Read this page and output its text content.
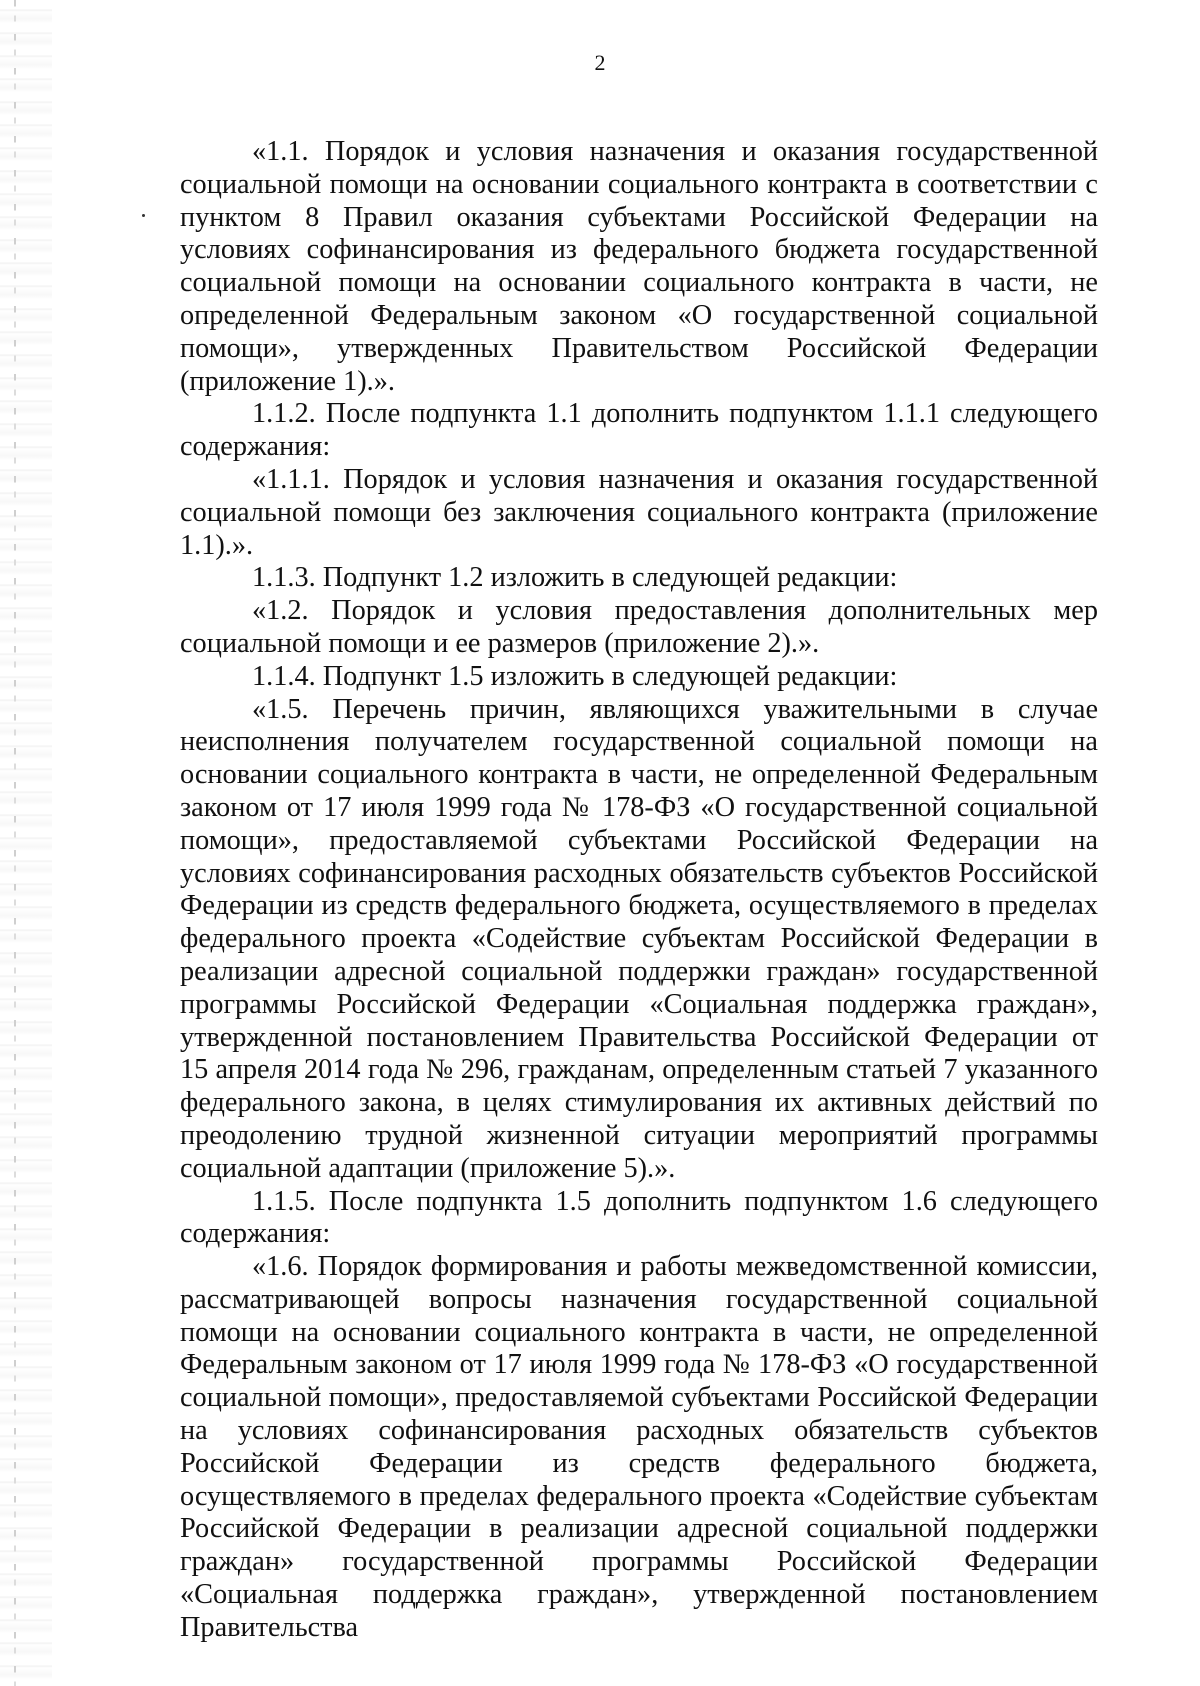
2

«1.1. Порядок и условия назначения и оказания государственной социальной помощи на основании социального контракта в соответствии с пунктом 8 Правил оказания субъектами Российской Федерации на условиях софинансирования из федерального бюджета государственной социальной помощи на основании социального контракта в части, не определенной Федеральным законом «О государственной социальной помощи», утвержденных Правительством Российской Федерации (приложение 1).».

1.1.2. После подпункта 1.1 дополнить подпунктом 1.1.1 следующего содержания:

«1.1.1. Порядок и условия назначения и оказания государственной социальной помощи без заключения социального контракта (приложение 1.1).».

1.1.3. Подпункт 1.2 изложить в следующей редакции:

«1.2. Порядок и условия предоставления дополнительных мер социальной помощи и ее размеров (приложение 2).».

1.1.4. Подпункт 1.5 изложить в следующей редакции:

«1.5. Перечень причин, являющихся уважительными в случае неисполнения получателем государственной социальной помощи на основании социального контракта в части, не определенной Федеральным законом от 17 июля 1999 года № 178-ФЗ «О государственной социальной помощи», предоставляемой субъектами Российской Федерации на условиях софинансирования расходных обязательств субъектов Российской Федерации из средств федерального бюджета, осуществляемого в пределах федерального проекта «Содействие субъектам Российской Федерации в реализации адресной социальной поддержки граждан» государственной программы Российской Федерации «Социальная поддержка граждан», утвержденной постановлением Правительства Российской Федерации от 15 апреля 2014 года № 296, гражданам, определенным статьей 7 указанного федерального закона, в целях стимулирования их активных действий по преодолению трудной жизненной ситуации мероприятий программы социальной адаптации (приложение 5).».

1.1.5. После подпункта 1.5 дополнить подпунктом 1.6 следующего содержания:

«1.6. Порядок формирования и работы межведомственной комиссии, рассматривающей вопросы назначения государственной социальной помощи на основании социального контракта в части, не определенной Федеральным законом от 17 июля 1999 года № 178-ФЗ «О государственной социальной помощи», предоставляемой субъектами Российской Федерации на условиях софинансирования расходных обязательств субъектов Российской Федерации из средств федерального бюджета, осуществляемого в пределах федерального проекта «Содействие субъектам Российской Федерации в реализации адресной социальной поддержки граждан» государственной программы Российской Федерации «Социальная поддержка граждан», утвержденной постановлением Правительства
